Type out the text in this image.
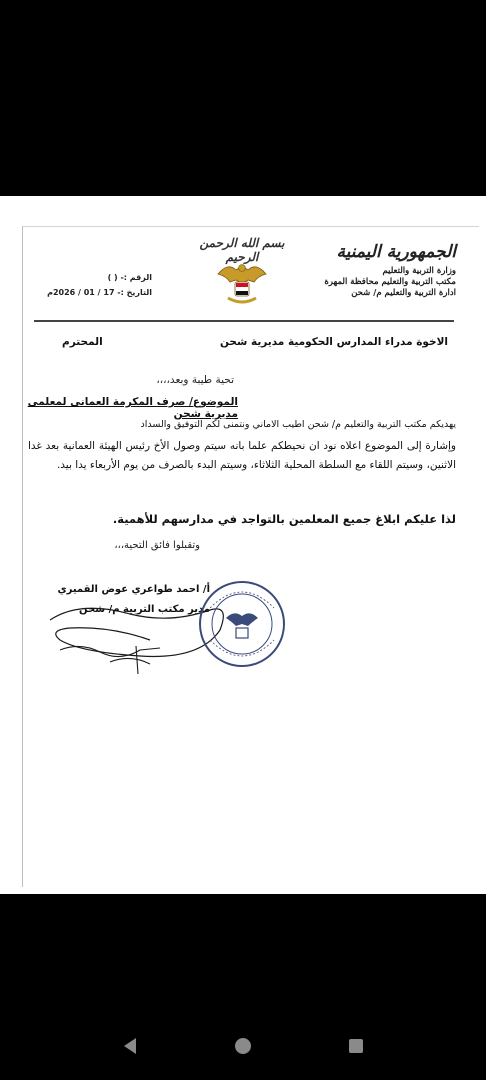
الجمهورية اليمنية
وزارة التربية والتعليم
مكتب التربية والتعليم محافظة المهرة
ادارة التربية والتعليم م/ شحن
بسم الله الرحمن الرحيم
الرقم :- ( )
التاريخ :- 17 / 01 / 2026م
الاخوة مدراء المدارس الحكومية مديرية شحن
المحترم
تحية طيبة وبعد،،،،
الموضوع/ صرف المكرمة العمانى لمعلمى مديرية شحن

يهديكم مكتب التربية والتعليم م/ شحن اطيب الاماني ونتمنى لكم التوفيق والسداد

وإشارة إلى الموضوع اعلاه نود ان نحيطكم علما بانه سيتم وصول الأخ رئيس الهيئة العمانية بعد غدا الاثنين، وسيتم اللقاء مع السلطة المحلية الثلاثاء، وسيتم البدء بالصرف من يوم الأربعاء يدا بيد.

لذا عليكم ابلاغ جميع المعلمين بالتواجد في مدارسهم للأهمية.
وتقبلوا فائق التحية،،،
أ/ احمد طواعري عوض القميري
مدير مكتب التربية م/ شحن
